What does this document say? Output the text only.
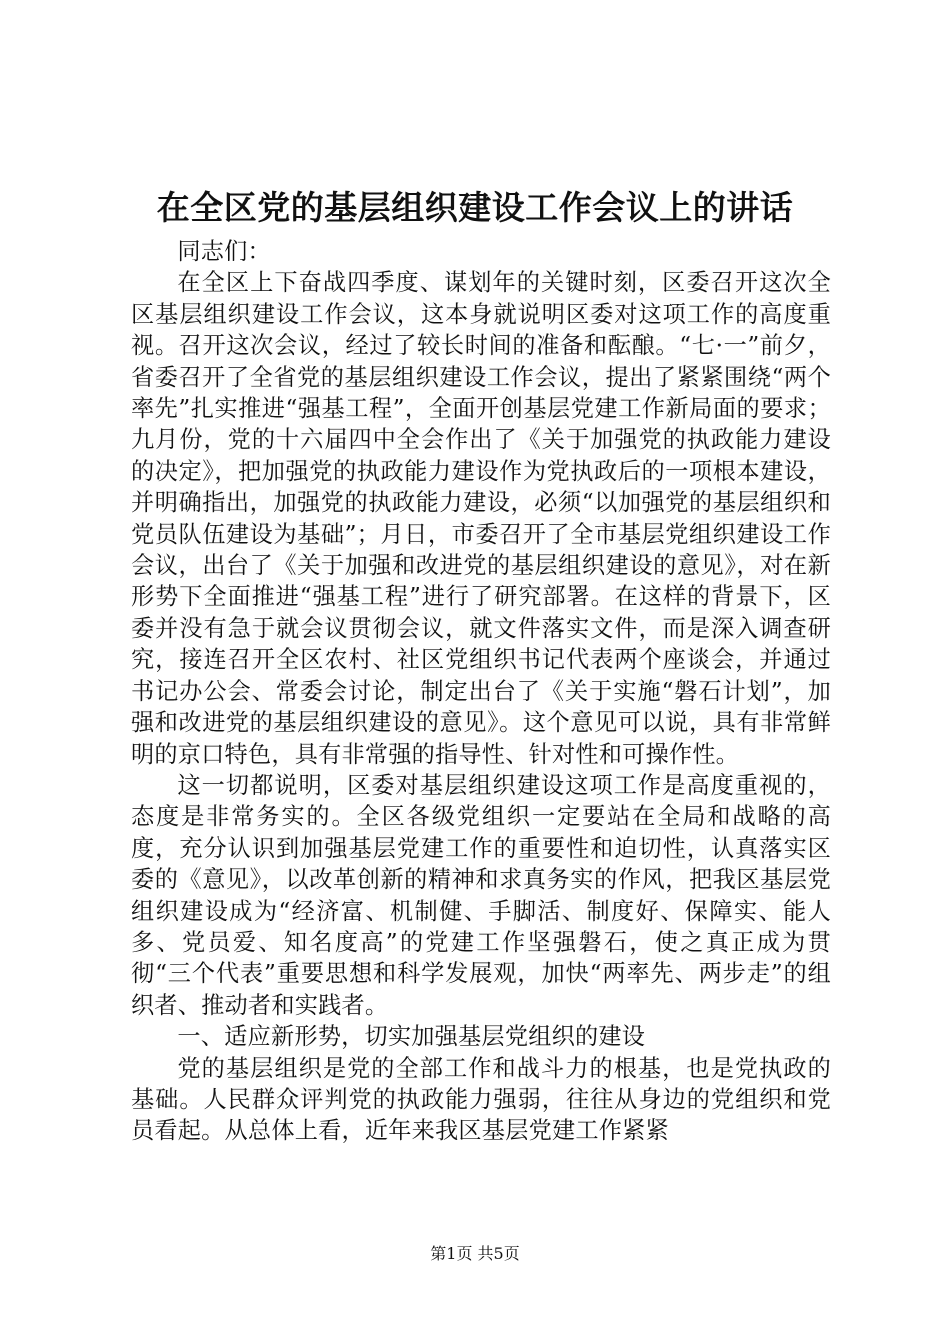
在全区党的基层组织建设工作会议上的讲话

同志们：

在全区上下奋战四季度、谋划年的关键时刻，区委召开这次全区基层组织建设工作会议，这本身就说明区委对这项工作的高度重视。召开这次会议，经过了较长时间的准备和酝酿。“七·一”前夕，省委召开了全省党的基层组织建设工作会议，提出了紧紧围绕“两个率先”扎实推进“强基工程”，全面开创基层党建工作新局面的要求；九月份，党的十六届四中全会作出了《关于加强党的执政能力建设的决定》，把加强党的执政能力建设作为党执政后的一项根本建设，并明确指出，加强党的执政能力建设，必须“以加强党的基层组织和党员队伍建设为基础”；月日，市委召开了全市基层党组织建设工作会议，出台了《关于加强和改进党的基层组织建设的意见》，对在新形势下全面推进“强基工程”进行了研究部署。在这样的背景下，区委并没有急于就会议贯彻会议，就文件落实文件，而是深入调查研究，接连召开全区农村、社区党组织书记代表两个座谈会，并通过书记办公会、常委会讨论，制定出台了《关于实施“磐石计划”，加强和改进党的基层组织建设的意见》。这个意见可以说，具有非常鲜明的京口特色，具有非常强的指导性、针对性和可操作性。

这一切都说明，区委对基层组织建设这项工作是高度重视的，态度是非常务实的。全区各级党组织一定要站在全局和战略的高度，充分认识到加强基层党建工作的重要性和迫切性，认真落实区委的《意见》，以改革创新的精神和求真务实的作风，把我区基层党组织建设成为“经济富、机制健、手脚活、制度好、保障实、能人多、党员爱、知名度高”的党建工作坚强磐石，使之真正成为贯彻“三个代表”重要思想和科学发展观，加快“两率先、两步走”的组织者、推动者和实践者。

一、适应新形势，切实加强基层党组织的建设

党的基层组织是党的全部工作和战斗力的根基，也是党执政的基础。人民群众评判党的执政能力强弱，往往从身边的党组织和党员看起。从总体上看，近年来我区基层党建工作紧紧

第1页 共5页
